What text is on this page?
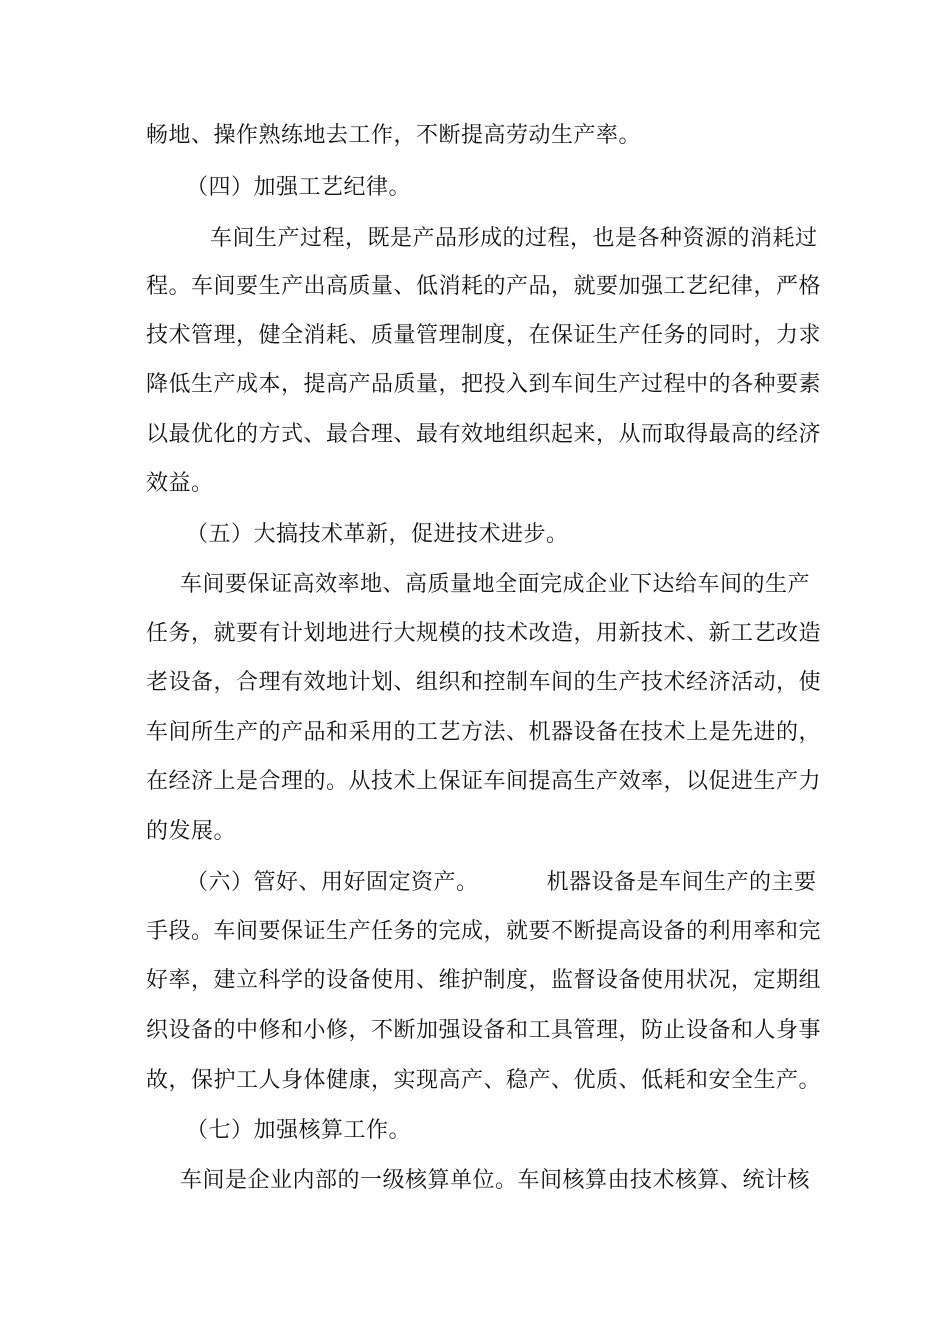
畅地、操作熟练地去工作，不断提高劳动生产率。
（四）加强工艺纪律。
车间生产过程，既是产品形成的过程，也是各种资源的消耗过
程。车间要生产出高质量、低消耗的产品，就要加强工艺纪律，严格
技术管理，健全消耗、质量管理制度，在保证生产任务的同时，力求
降低生产成本，提高产品质量，把投入到车间生产过程中的各种要素
以最优化的方式、最合理、最有效地组织起来，从而取得最高的经济
效益。
（五）大搞技术革新，促进技术进步。
车间要保证高效率地、高质量地全面完成企业下达给车间的生产
任务，就要有计划地进行大规模的技术改造，用新技术、新工艺改造
老设备，合理有效地计划、组织和控制车间的生产技术经济活动，使
车间所生产的产品和采用的工艺方法、机器设备在技术上是先进的，
在经济上是合理的。从技术上保证车间提高生产效率，以促进生产力
的发展。
（六）管好、用好固定资产。	机器设备是车间生产的主要
手段。车间要保证生产任务的完成，就要不断提高设备的利用率和完
好率，建立科学的设备使用、维护制度，监督设备使用状况，定期组
织设备的中修和小修，不断加强设备和工具管理，防止设备和人身事
故，保护工人身体健康，实现高产、稳产、优质、低耗和安全生产。
（七）加强核算工作。
车间是企业内部的一级核算单位。车间核算由技术核算、统计核
